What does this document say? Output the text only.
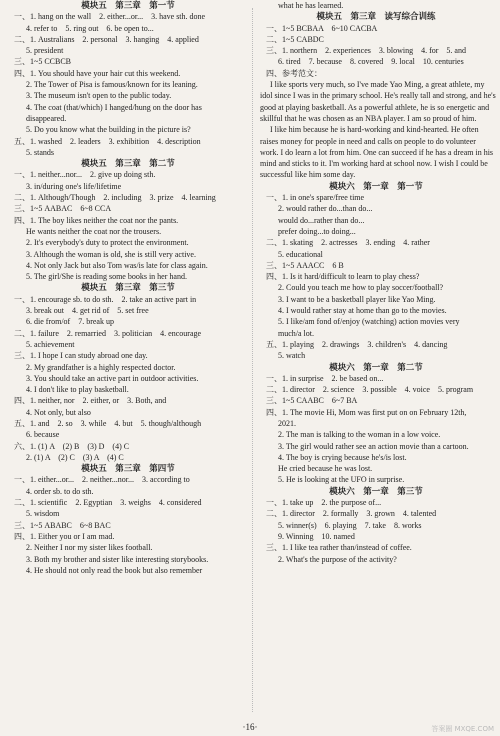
模块五　第三章　第一节
一、1. hang on the wall　2. either...or...　3. have sth. done
4. refer to　5. ring out　6. be open to...
二、1. Australians　2. personal　3. hanging　4. applied
5. president
三、1~5 CCBCB
四、1. You should have your hair cut this weekend.
2. The Tower of Pisa is famous/known for its leaning.
3. The museum isn't open to the public today.
4. The coat (that/which) I hanged/hung on the door has
disappeared.
5. Do you know what the building in the picture is?
五、1. washed　2. leaders　3. exhibition　4. description
5. stands
模块五　第三章　第二节
一、1. neither...nor...　2. give up doing sth.
3. in/during one's life/lifetime
二、1. Although/Though　2. including　3. prize　4. learning
三、1~5 AABAC　6~8 CCA
四、1. The boy likes neither the coat nor the pants.
He wants neither the coat nor the trousers.
2. It's everybody's duty to protect the environment.
3. Although the woman is old, she is still very active.
4. Not only Jack but also Tom was/is late for class again.
5. The girl/She is reading some books in her hand.
模块五　第三章　第三节
一、1. encourage sb. to do sth.　2. take an active part in
3. break out　4. get rid of　5. set free
6. die from/of　7. break up
二、1. failure　2. remarried　3. politician　4. encourage
5. achievement
三、1. I hope I can study abroad one day.
2. My grandfather is a highly respected doctor.
3. You should take an active part in outdoor activities.
4. I don't like to play basketball.
四、1. neither, nor　2. either, or　3. Both, and
4. Not only, but also
五、1. and　2. so　3. while　4. but　5. though/although
6. because
六、1. (1) A　(2) B　(3) D　(4) C
2. (1) A　(2) C　(3) A　(4) C
模块五　第三章　第四节
一、1. either...or...　2. neither...nor...　3. according to
4. order sb. to do sth.
二、1. scientific　2. Egyptian　3. weighs　4. considered
5. wisdom
三、1~5 ABABC　6~8 BAC
四、1. Either you or I am mad.
2. Neither I nor my sister likes football.
3. Both my brother and sister like interesting storybooks.
4. He should not only read the book but also remember
what he has learned.
模块五　第三章　读写综合训练
一、1~5 BCBAA　6~10 CACBA
二、1~5 CABDC
三、1. northern　2. experiences　3. blowing　4. for　5. and
6. tired　7. because　8. covered　9. local　10. centuries
四、参考范文：
I like sports very much, so I've made Yao Ming, a great athlete, my idol since I was in the primary school. He's really tall and strong, and he's good at playing basketball. As a powerful athlete, he is so energetic and skillful that he was chosen as an NBA player. I am so proud of him.
I like him because he is hard-working and kind-hearted. He often raises money for people in need and calls on people to do volunteer work. I do learn a lot from him. One can succeed if he has a dream in his mind and sticks to it. I'm working hard at school now. I wish I could be successful like him some day.
模块六　第一章　第一节
一、1. in one's spare/free time
2. would rather do...than do...
would do...rather than do...
prefer doing...to doing...
二、1. skating　2. actresses　3. ending　4. rather
5. educational
三、1~5 AAACC　6 B
四、1. Is it hard/difficult to learn to play chess?
2. Could you teach me how to play soccer/football?
3. I want to be a basketball player like Yao Ming.
4. I would rather stay at home than go to the movies.
5. I like/am fond of/enjoy (watching) action movies very
much/a lot.
五、1. playing　2. drawings　3. children's　4. dancing
5. watch
模块六　第一章　第二节
一、1. in surprise　2. be based on...
二、1. director　2. science　3. possible　4. voice　5. program
三、1~5 CAABC　6~7 BA
四、1. The movie Hi, Mom was first put on on February 12th,
2021.
2. The man is talking to the woman in a low voice.
3. The girl would rather see an action movie than a cartoon.
4. The boy is crying because he's/is lost.
He cried because he was lost.
5. He is looking at the UFO in surprise.
模块六　第一章　第三节
一、1. take up　2. the purpose of...
二、1. director　2. formally　3. grown　4. talented
5. winner(s)　6. playing　7. take　8. works
9. Winning　10. named
三、1. I like tea rather than/instead of coffee.
2. What's the purpose of the activity?
·16·	答案圈 MXQE.COM
